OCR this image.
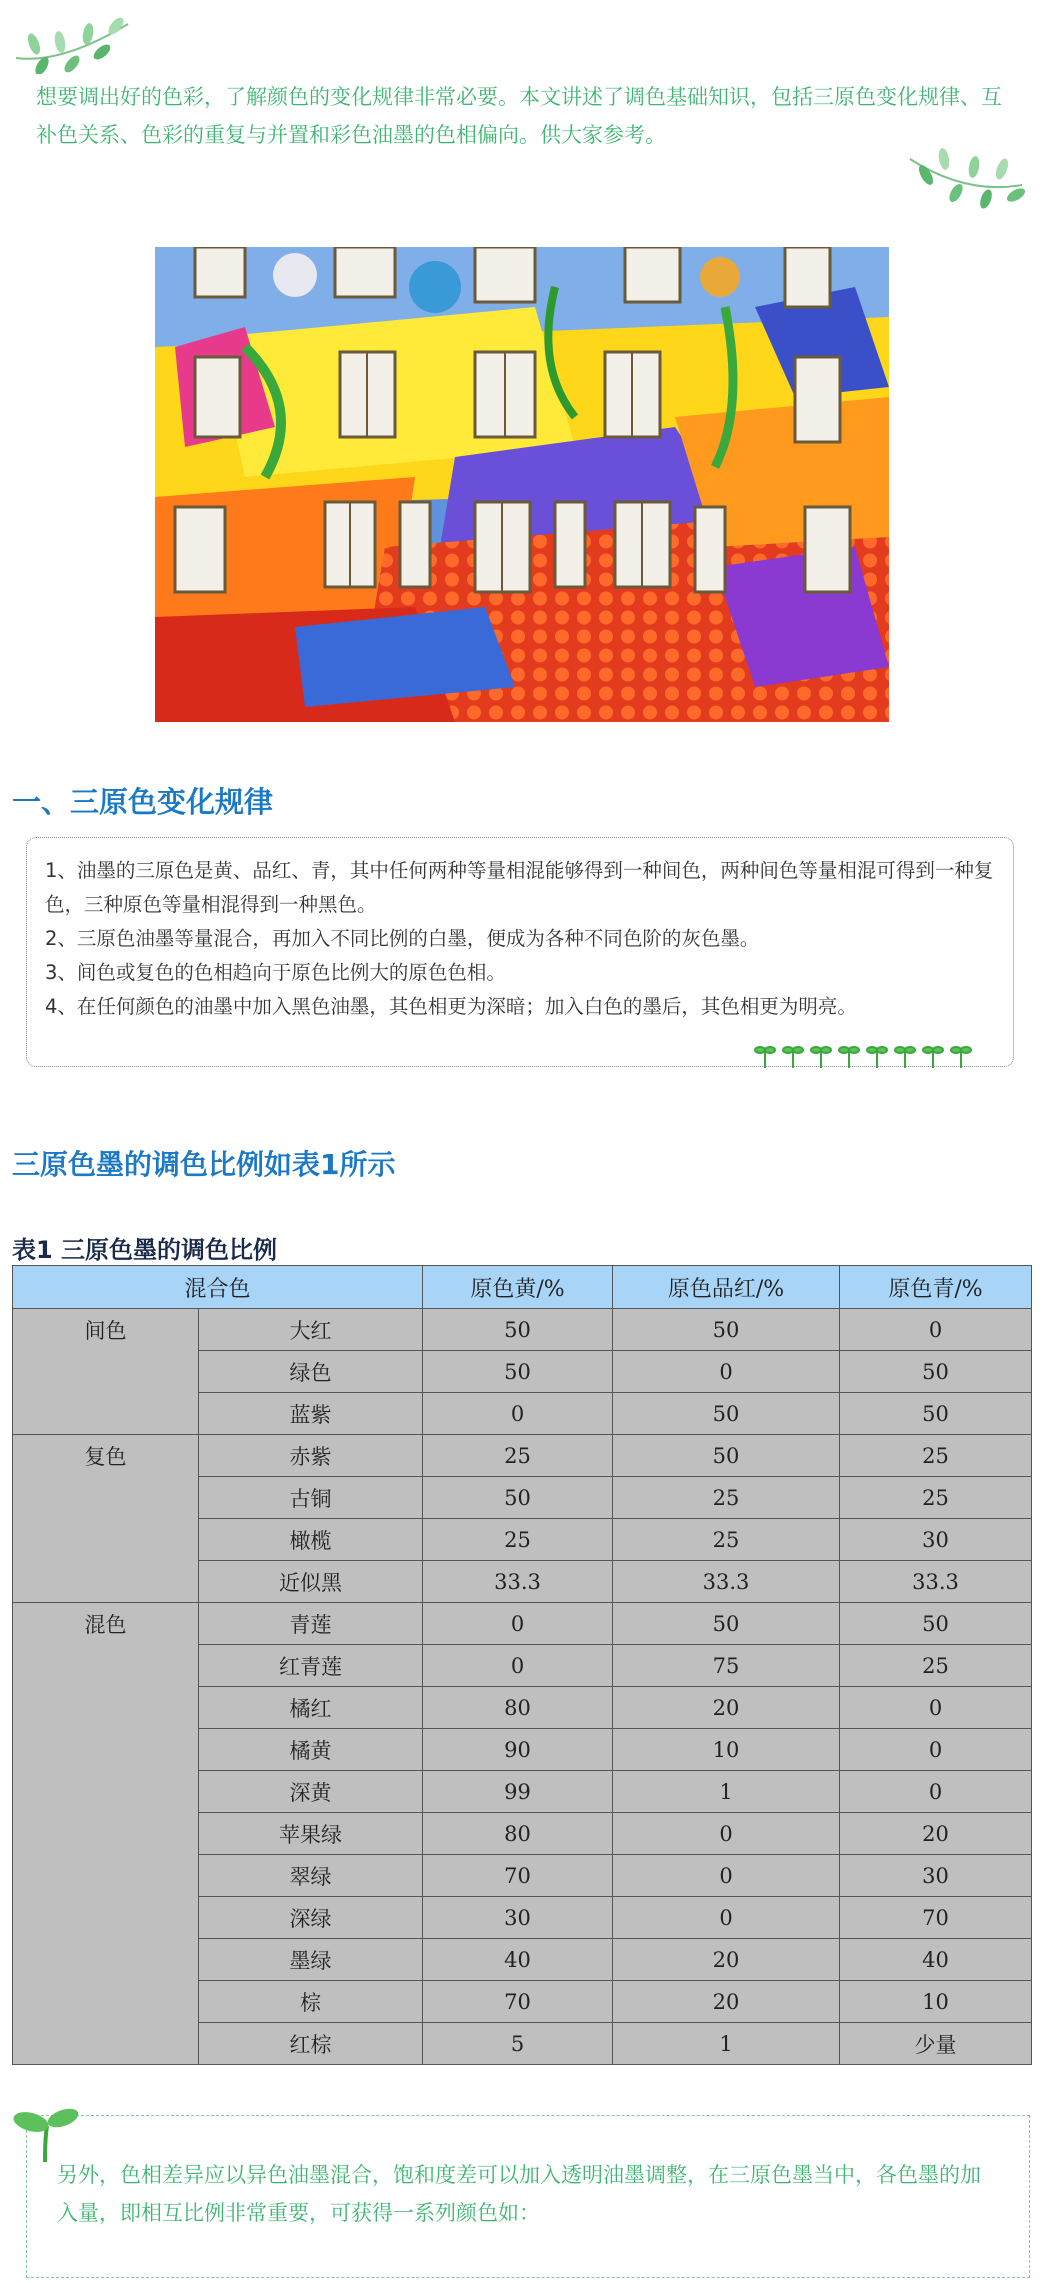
想要调出好的色彩，了解颜色的变化规律非常必要。本文讲述了调色基础知识，包括三原色变化规律、互补色关系、色彩的重复与并置和彩色油墨的色相偏向。供大家参考。
一、三原色变化规律

1、油墨的三原色是黄、品红、青，其中任何两种等量相混能够得到一种间色，两种间色等量相混可得到一种复色，三种原色等量相混得到一种黑色。

2、三原色油墨等量混合，再加入不同比例的白墨，便成为各种不同色阶的灰色墨。

3、间色或复色的色相趋向于原色比例大的原色色相。

4、在任何颜色的油墨中加入黑色油墨，其色相更为深暗；加入白色的墨后，其色相更为明亮。

三原色墨的调色比例如表1所示
表1 三原色墨的调色比例
混合色		原色黄/%	原色品红/%	原色青/%
间色	大红	50	50	0
	绿色	50	0	50
	蓝紫	0	50	50
复色	赤紫	25	50	25
	古铜	50	25	25
	橄榄	25	25	30
	近似黑	33.3	33.3	33.3
混色	青莲	0	50	50
	红青莲	0	75	25
	橘红	80	20	0
	橘黄	90	10	0
	深黄	99	1	0
	苹果绿	80	0	20
	翠绿	70	0	30
	深绿	30	0	70
	墨绿	40	20	40
	棕	70	20	10
	红棕	5	1	少量
另外，色相差异应以异色油墨混合，饱和度差可以加入透明油墨调整，在三原色墨当中，各色墨的加入量，即相互比例非常重要，可获得一系列颜色如：
